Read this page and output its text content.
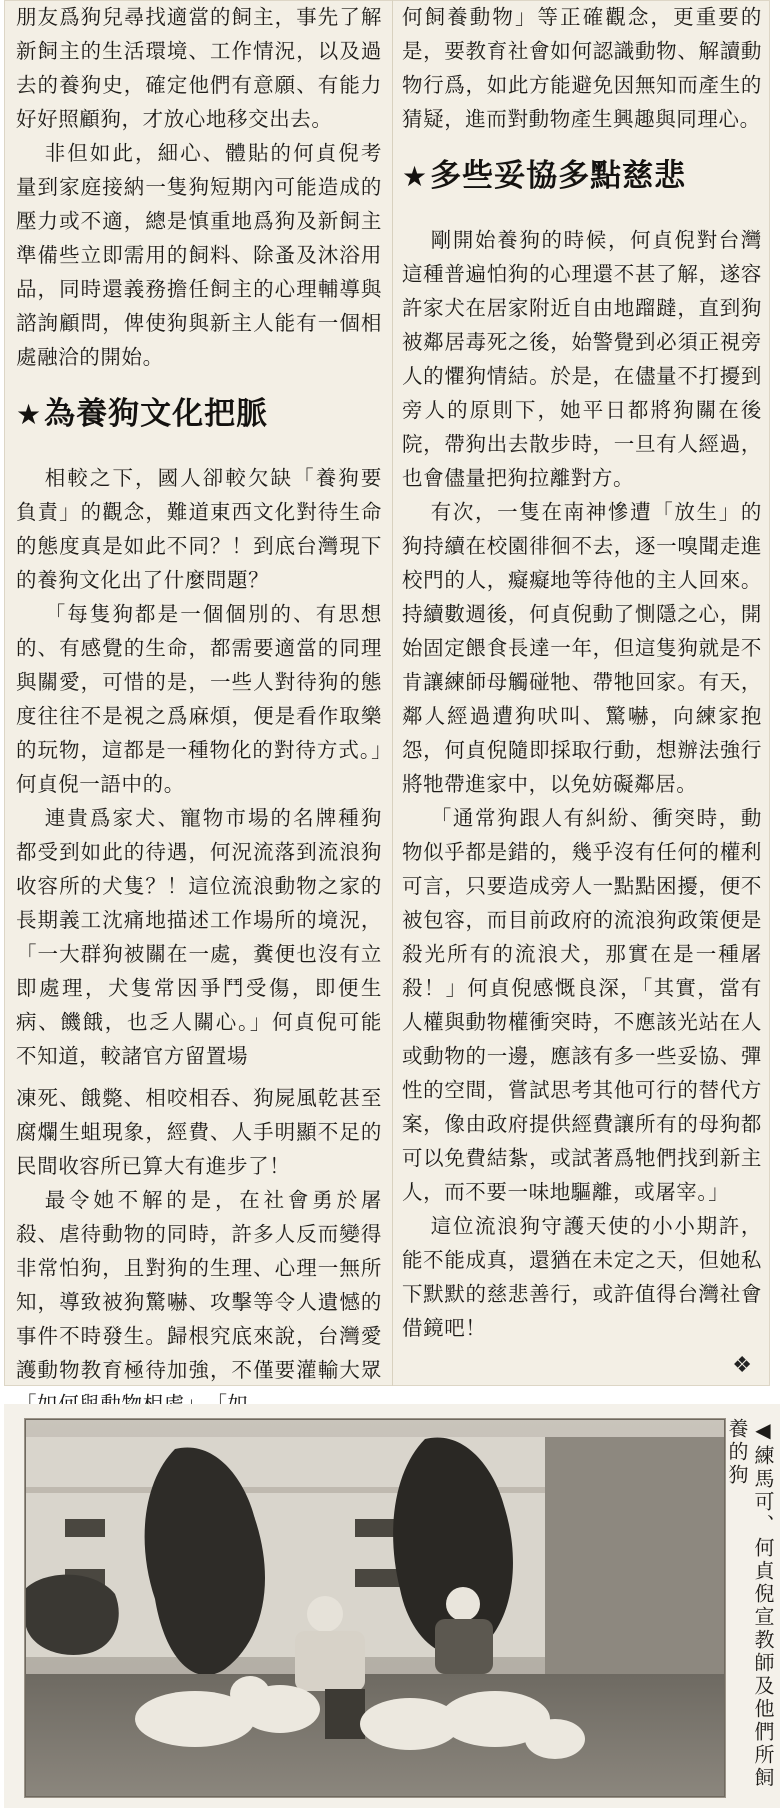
朋友爲狗兒尋找適當的飼主，事先了解新飼主的生活環境、工作情況，以及過去的養狗史，確定他們有意願、有能力好好照顧狗，才放心地移交出去。

非但如此，細心、體貼的何貞倪考量到家庭接納一隻狗短期內可能造成的壓力或不適，總是慎重地爲狗及新飼主準備些立即需用的飼料、除蚤及沐浴用品，同時還義務擔任飼主的心理輔導與諮詢顧問，俾使狗與新主人能有一個相處融洽的開始。

★為養狗文化把脈

相較之下，國人卻較欠缺「養狗要負責」的觀念，難道東西文化對待生命的態度真是如此不同？！到底台灣現下的養狗文化出了什麼問題？

「每隻狗都是一個個別的、有思想的、有感覺的生命，都需要適當的同理與關愛，可惜的是，一些人對待狗的態度往往不是視之爲麻煩，便是看作取樂的玩物，這都是一種物化的對待方式。」何貞倪一語中的。

連貴爲家犬、寵物市場的名牌種狗都受到如此的待遇，何況流落到流浪狗收容所的犬隻？！這位流浪動物之家的長期義工沈痛地描述工作場所的境況，「一大群狗被關在一處，糞便也沒有立即處理，犬隻常因爭鬥受傷，即便生病、饑餓，也乏人關心。」何貞倪可能不知道，較諸官方留置場

凍死、餓斃、相咬相吞、狗屍風乾甚至腐爛生蛆現象，經費、人手明顯不足的民間收容所已算大有進步了！

最令她不解的是，在社會勇於屠殺、虐待動物的同時，許多人反而變得非常怕狗，且對狗的生理、心理一無所知，導致被狗驚嚇、攻擊等令人遺憾的事件不時發生。歸根究底來說，台灣愛護動物教育極待加強，不僅要灌輸大眾

何飼養動物」等正確觀念，更重要的是，要教育社會如何認識動物、解讀動物行爲，如此方能避免因無知而產生的猜疑，進而對動物產生興趣與同理心。

★多些妥協多點慈悲

剛開始養狗的時候，何貞倪對台灣這種普遍怕狗的心理還不甚了解，遂容許家犬在居家附近自由地蹓躂，直到狗被鄰居毒死之後，始警覺到必須正視旁人的懼狗情結。於是，在儘量不打擾到旁人的原則下，她平日都將狗關在後院，帶狗出去散步時，一旦有人經過，也會儘量把狗拉離對方。

有次，一隻在南神慘遭「放生」的狗持續在校園徘徊不去，逐一嗅聞走進校門的人，癡癡地等待他的主人回來。持續數週後，何貞倪動了惻隱之心，開始固定餵食長達一年，但這隻狗就是不肯讓練師母觸碰牠、帶牠回家。有天，鄰人經過遭狗吠叫、驚嚇，向練家抱怨，何貞倪隨即採取行動，想辦法強行將牠帶進家中，以免妨礙鄰居。

「通常狗跟人有糾紛、衝突時，動物似乎都是錯的，幾乎沒有任何的權利可言，只要造成旁人一點點困擾，便不被包容，而目前政府的流浪狗政策便是殺光所有的流浪犬，那實在是一種屠殺！」何貞倪感慨良深，「其實，當有人權與動物權衝突時，不應該光站在人或動物的一邊，應該有多一些妥協、彈性的空間，嘗試思考其他可行的替代方案，像由政府提供經費讓所有的母狗都可以免費結紮，或試著爲牠們找到新主人，而不要一味地驅離，或屠宰。」

這位流浪狗守護天使的小小期許，能不能成真，還猶在未定之天，但她私下默默的慈悲善行，或許值得台灣社會借鏡吧！

❖
◀練馬可、何貞倪宣教師及他們所飼養的狗
